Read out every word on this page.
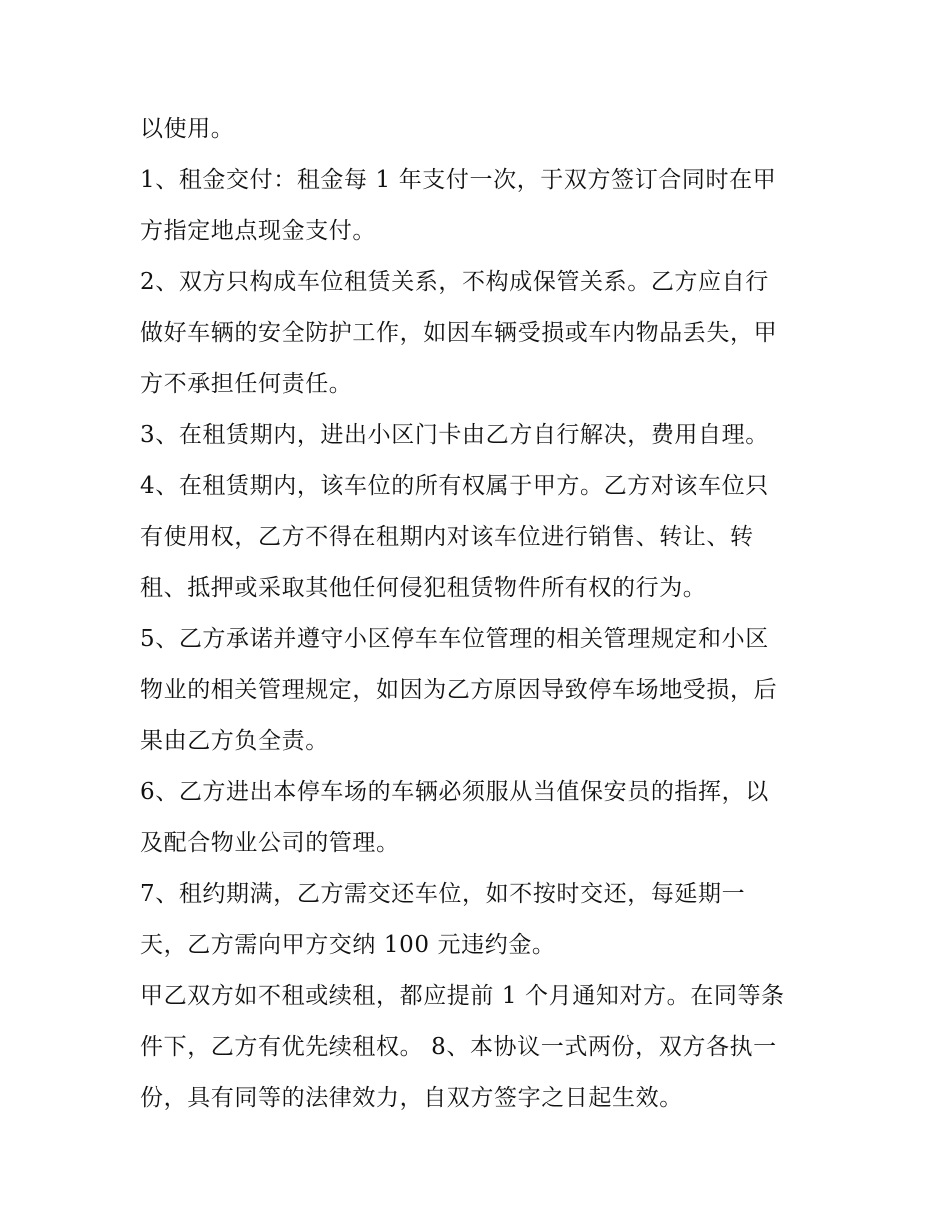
以使用。
1、租金交付：租金每 1 年支付一次，于双方签订合同时在甲
方指定地点现金支付。
2、双方只构成车位租赁关系，不构成保管关系。乙方应自行
做好车辆的安全防护工作，如因车辆受损或车内物品丢失，甲
方不承担任何责任。
3、在租赁期内，进出小区门卡由乙方自行解决，费用自理。
4、在租赁期内，该车位的所有权属于甲方。乙方对该车位只
有使用权，乙方不得在租期内对该车位进行销售、转让、转
租、抵押或采取其他任何侵犯租赁物件所有权的行为。
5、乙方承诺并遵守小区停车车位管理的相关管理规定和小区
物业的相关管理规定，如因为乙方原因导致停车场地受损，后
果由乙方负全责。
6、乙方进出本停车场的车辆必须服从当值保安员的指挥，以
及配合物业公司的管理。
7、租约期满，乙方需交还车位，如不按时交还，每延期一
天，乙方需向甲方交纳 100 元违约金。
甲乙双方如不租或续租，都应提前 1 个月通知对方。在同等条
件下，乙方有优先续租权。 8、本协议一式两份，双方各执一
份，具有同等的法律效力，自双方签字之日起生效。
